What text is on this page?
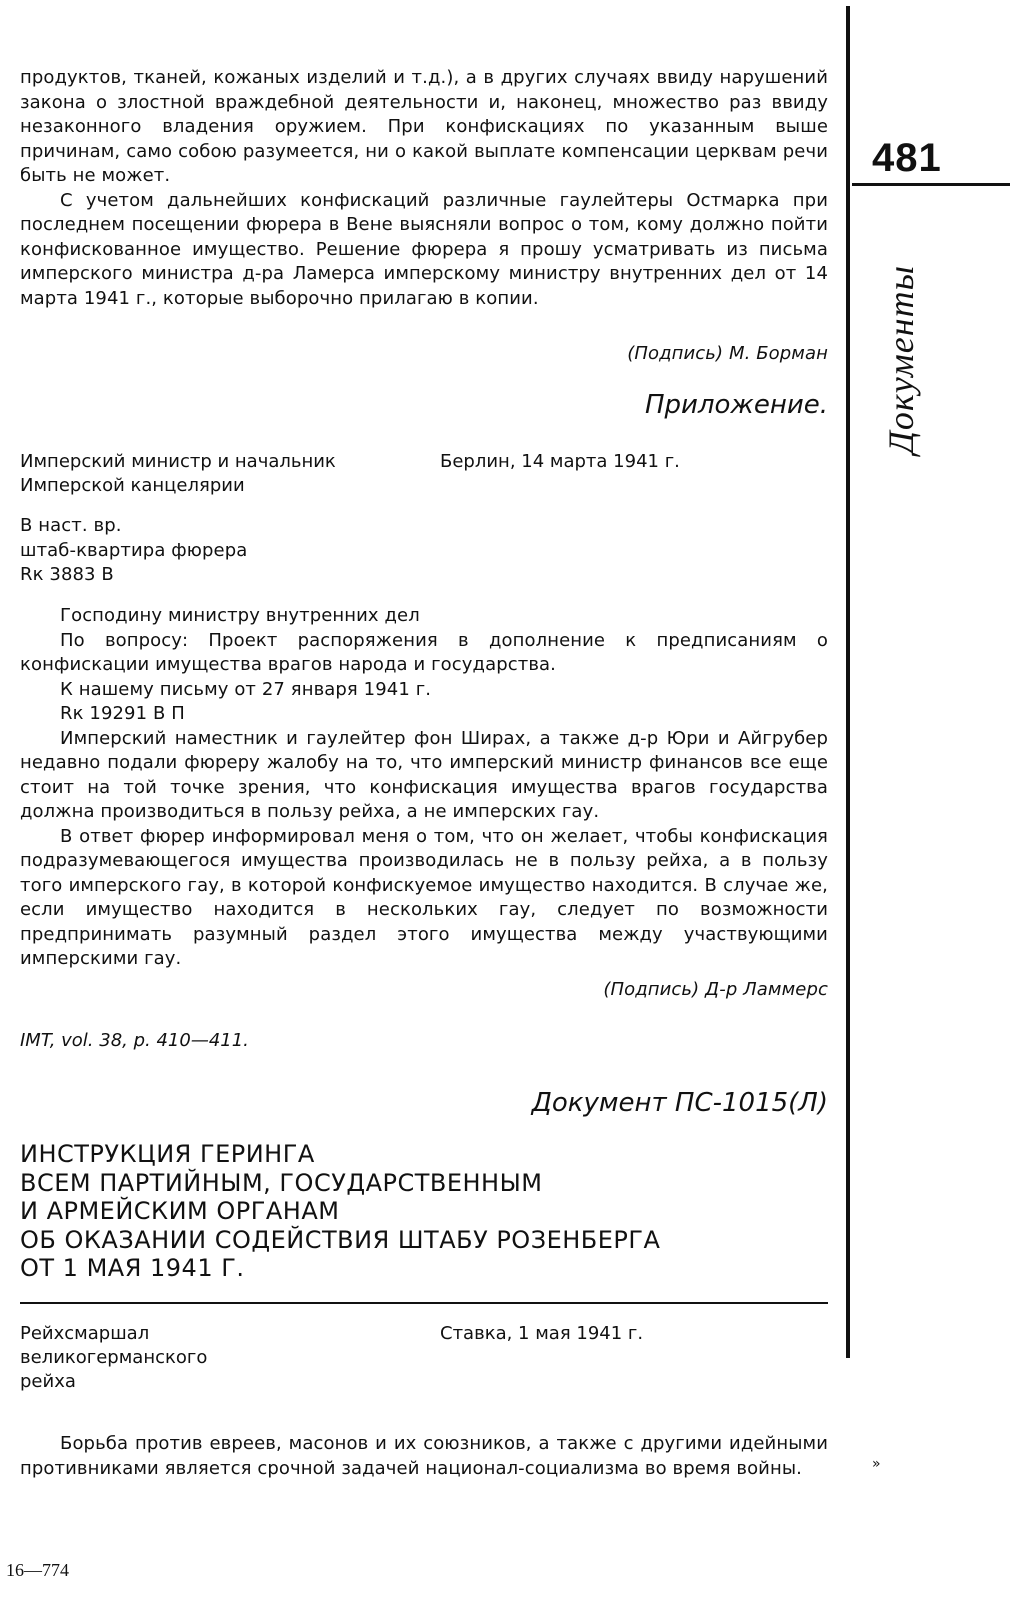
481
Документы

продуктов, тканей, кожаных изделий и т.д.), а в других случаях ввиду нарушений закона о злостной враждебной деятельности и, наконец, множество раз ввиду незаконного владения оружием. При конфискациях по указанным выше причинам, само собою разумеется, ни о какой выплате компенсации церквам речи быть не может.

С учетом дальнейших конфискаций различные гаулейтеры Остмарка при последнем посещении фюрера в Вене выясняли вопрос о том, кому должно пойти конфискованное имущество. Решение фюрера я прошу усматривать из письма имперского министра д-ра Ламерса имперскому министру внутренних дел от 14 марта 1941 г., которые выборочно прилагаю в копии.

(Подпись) М. Борман
Приложение.
Имперский министр и начальник Имперской канцелярии
Берлин, 14 марта 1941 г.
В наст. вр.
штаб-квартира фюрера
Rк 3883 В

Господину министру внутренних дел

По вопросу: Проект распоряжения в дополнение к предписаниям о конфискации имущества врагов народа и государства.

К нашему письму от 27 января 1941 г.

Rк 19291 В П

Имперский наместник и гаулейтер фон Ширах, а также д-р Юри и Айгрубер недавно подали фюреру жалобу на то, что имперский министр финансов все еще стоит на той точке зрения, что конфискация имущества врагов государства должна производиться в пользу рейха, а не имперских гау.

В ответ фюрер информировал меня о том, что он желает, чтобы конфискация подразумевающегося имущества производилась не в пользу рейха, а в пользу того имперского гау, в которой конфискуемое имущество находится. В случае же, если имущество находится в нескольких гау, следует по возможности предпринимать разумный раздел этого имущества между участвующими имперскими гау.

(Подпись) Д-р Ламмерс
IMT, vol. 38, p. 410—411.
Документ ПС-1015(Л)
ИНСТРУКЦИЯ ГЕРИНГА
ВСЕМ ПАРТИЙНЫМ, ГОСУДАРСТВЕННЫМ
И АРМЕЙСКИМ ОРГАНАМ
ОБ ОКАЗАНИИ СОДЕЙСТВИЯ ШТАБУ РОЗЕНБЕРГА
ОТ 1 МАЯ 1941 Г.
Рейхсмаршал великогерманского рейха
Ставка, 1 мая 1941 г.

Борьба против евреев, масонов и их союзников, а также с другими идейными противниками является срочной задачей национал-социализма во время войны.	»
16—774
